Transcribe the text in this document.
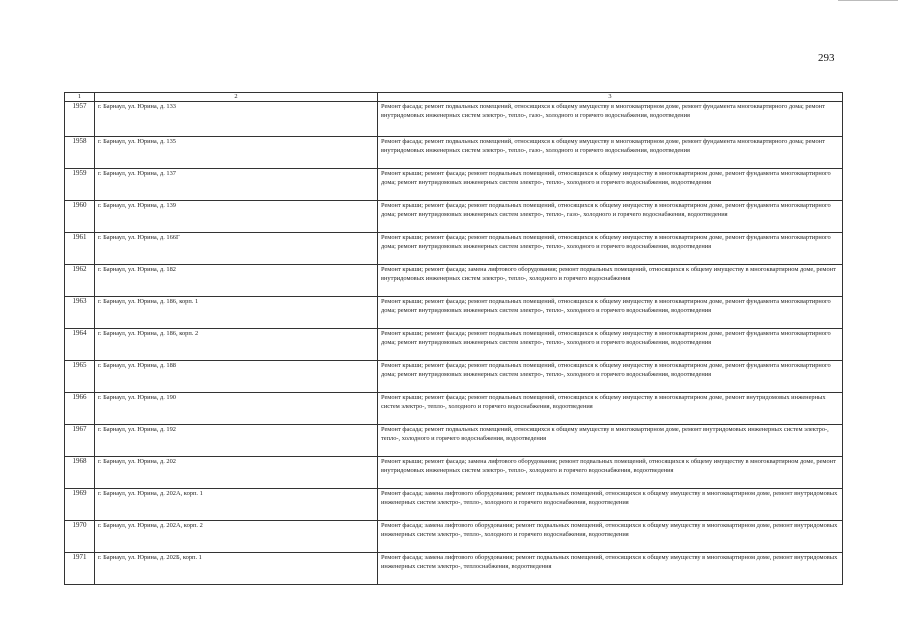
293
1	2	3
1957	г. Барнаул, ул. Юрина, д. 133	Ремонт фасада; ремонт подвальных помещений, относящихся к общему имуществу в многоквартирном доме, ремонт фундамента многоквартирного дома; ремонт внутридомовых инженерных систем электро-, тепло-, газо-, холодного и горячего водоснабжения, водоотведения
1958	г. Барнаул, ул. Юрина, д. 135	Ремонт фасада; ремонт подвальных помещений, относящихся к общему имуществу в многоквартирном доме, ремонт фундамента многоквартирного дома; ремонт внутридомовых инженерных систем электро-, тепло-, газо-, холодного и горячего водоснабжения, водоотведения
1959	г. Барнаул, ул. Юрина, д. 137	Ремонт крыши; ремонт фасада; ремонт подвальных помещений, относящихся к общему имуществу в многоквартирном доме, ремонт фундамента многоквартирного дома; ремонт внутридомовых инженерных систем электро-, тепло-, холодного и горячего водоснабжения, водоотведения
1960	г. Барнаул, ул. Юрина, д. 139	Ремонт крыши; ремонт фасада; ремонт подвальных помещений, относящихся к общему имуществу в многоквартирном доме, ремонт фундамента многоквартирного дома; ремонт внутридомовых инженерных систем электро-, тепло-, газо-, холодного и горячего водоснабжения, водоотведения
1961	г. Барнаул, ул. Юрина, д. 166Г	Ремонт крыши; ремонт фасада; ремонт подвальных помещений, относящихся к общему имуществу в многоквартирном доме, ремонт фундамента многоквартирного дома; ремонт внутридомовых инженерных систем электро-, тепло-, холодного и горячего водоснабжения, водоотведения
1962	г. Барнаул, ул. Юрина, д. 182	Ремонт крыши; ремонт фасада; замена лифтового оборудования; ремонт подвальных помещений, относящихся к общему имуществу в многоквартирном доме, ремонт внутридомовых инженерных систем электро-, тепло-, холодного и горячего водоснабжения
1963	г. Барнаул, ул. Юрина, д. 186, корп. 1	Ремонт крыши; ремонт фасада; ремонт подвальных помещений, относящихся к общему имуществу в многоквартирном доме, ремонт фундамента многоквартирного дома; ремонт внутридомовых инженерных систем электро-, тепло-, холодного и горячего водоснабжения, водоотведения
1964	г. Барнаул, ул. Юрина, д. 186, корп. 2	Ремонт крыши; ремонт фасада; ремонт подвальных помещений, относящихся к общему имуществу в многоквартирном доме, ремонт фундамента многоквартирного дома; ремонт внутридомовых инженерных систем электро-, тепло-, холодного и горячего водоснабжения, водоотведения
1965	г. Барнаул, ул. Юрина, д. 188	Ремонт крыши; ремонт фасада; ремонт подвальных помещений, относящихся к общему имуществу в многоквартирном доме, ремонт фундамента многоквартирного дома; ремонт внутридомовых инженерных систем электро-, тепло-, холодного и горячего водоснабжения, водоотведения
1966	г. Барнаул, ул. Юрина, д. 190	Ремонт крыши; ремонт фасада; ремонт подвальных помещений, относящихся к общему имуществу в многоквартирном доме, ремонт внутридомовых инженерных систем электро-, тепло-, холодного и горячего водоснабжения, водоотведения
1967	г. Барнаул, ул. Юрина, д. 192	Ремонт фасада; ремонт подвальных помещений, относящихся к общему имуществу в многоквартирном доме, ремонт внутридомовых инженерных систем электро-, тепло-, холодного и горячего водоснабжения, водоотведения
1968	г. Барнаул, ул. Юрина, д. 202	Ремонт крыши; ремонт фасада; замена лифтового оборудования; ремонт подвальных помещений, относящихся к общему имуществу в многоквартирном доме, ремонт внутридомовых инженерных систем электро-, тепло-, холодного и горячего водоснабжения, водоотведения
1969	г. Барнаул, ул. Юрина, д. 202А, корп. 1	Ремонт фасада; замена лифтового оборудования; ремонт подвальных помещений, относящихся к общему имуществу в многоквартирном доме, ремонт внутридомовых инженерных систем электро-, тепло-, холодного и горячего водоснабжения, водоотведения
1970	г. Барнаул, ул. Юрина, д. 202А, корп. 2	Ремонт фасада; замена лифтового оборудования; ремонт подвальных помещений, относящихся к общему имуществу в многоквартирном доме, ремонт внутридомовых инженерных систем электро-, тепло-, холодного и горячего водоснабжения, водоотведения
1971	г. Барнаул, ул. Юрина, д. 202Б, корп. 1	Ремонт фасада; замена лифтового оборудования; ремонт подвальных помещений, относящихся к общему имуществу в многоквартирном доме, ремонт внутридомовых инженерных систем электро-, теплоснабжения, водоотведения
